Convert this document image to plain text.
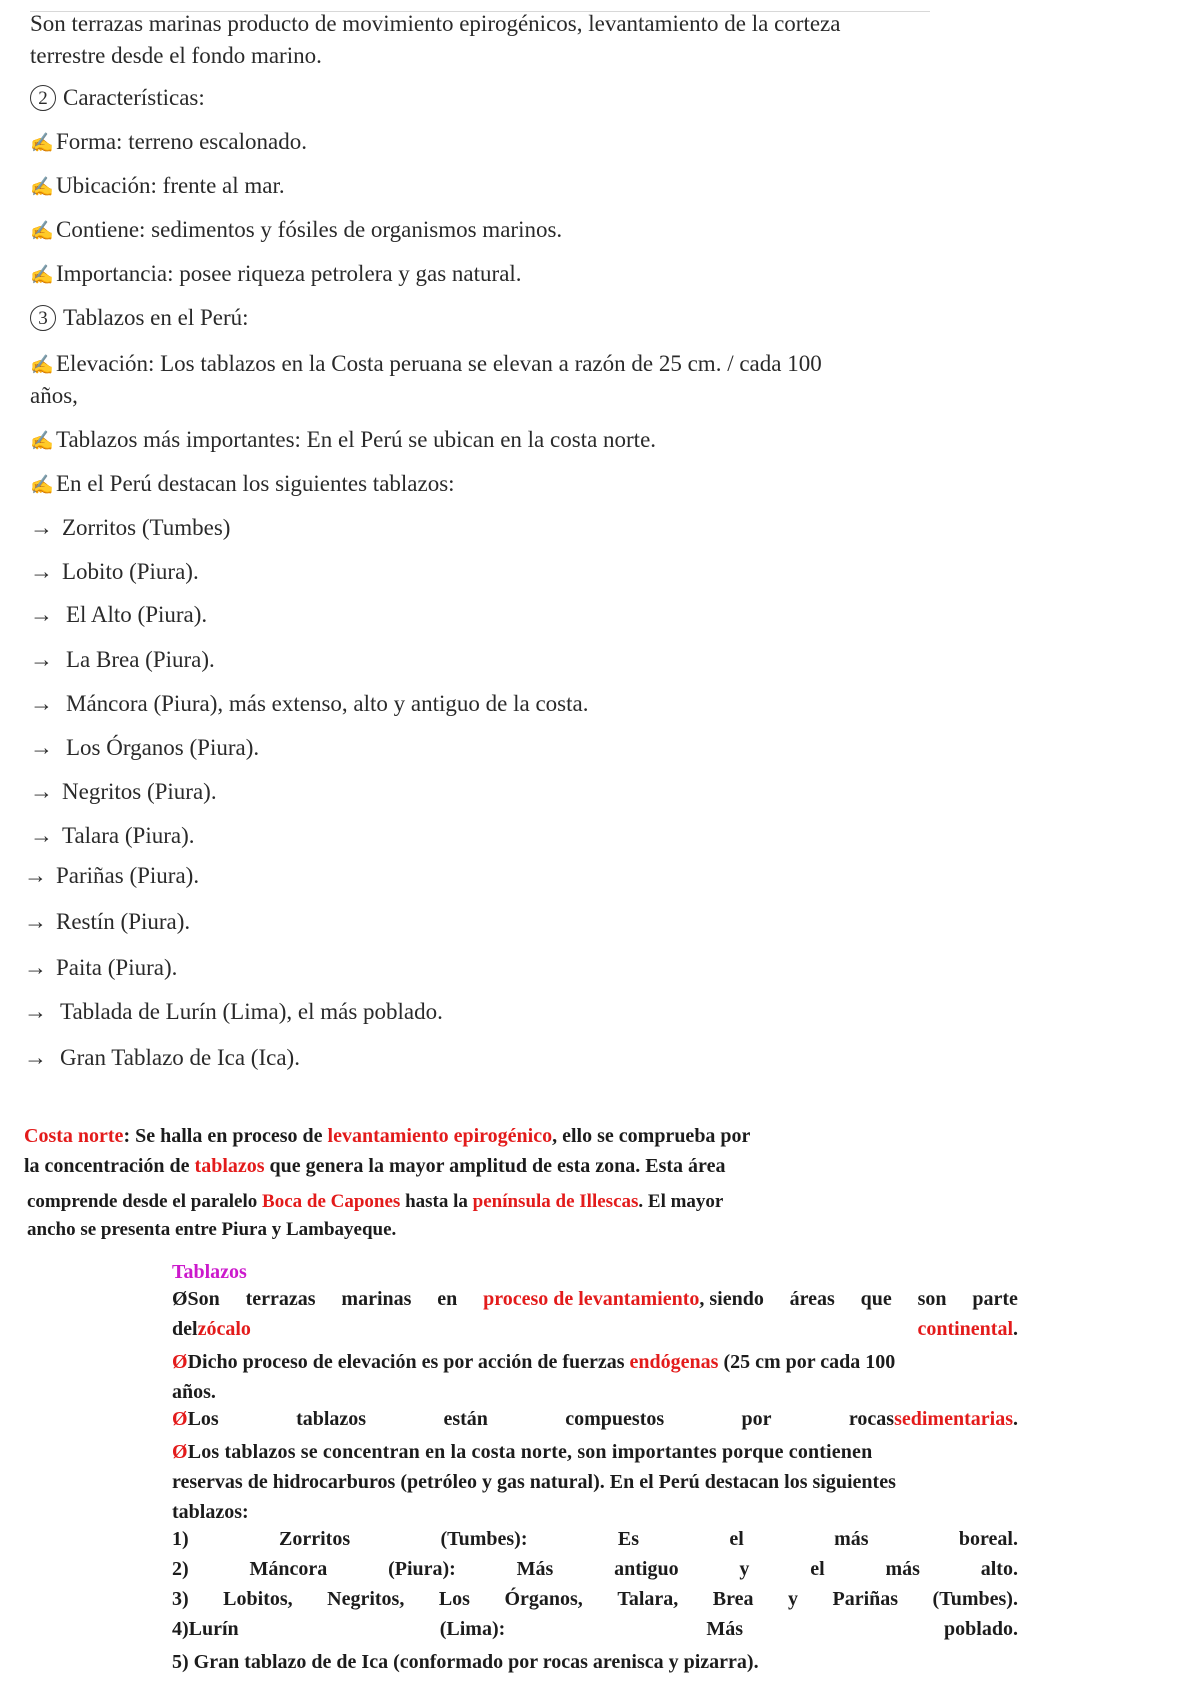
Son terrazas marinas producto de movimiento epirogénicos, levantamiento de la corteza
terrestre desde el fondo marino.
2 Características:
✍ Forma: terreno escalonado.
✍ Ubicación: frente al mar.
✍ Contiene: sedimentos y fósiles de organismos marinos.
✍ Importancia: posee riqueza petrolera y gas natural.
3 Tablazos en el Perú:
✍ Elevación: Los tablazos en la Costa peruana se elevan a razón de 25 cm. / cada 100
años,
✍ Tablazos más importantes: En el Perú se ubican en la costa norte.
✍ En el Perú destacan los siguientes tablazos:
→ Zorritos (Tumbes)
→ Lobito (Piura).
→ El Alto (Piura).
→ La Brea (Piura).
→ Máncora (Piura), más extenso, alto y antiguo de la costa.
→ Los Órganos (Piura).
→ Negritos (Piura).
→ Talara (Piura).
→ Pariñas (Piura).
→ Restín (Piura).
→ Paita (Piura).
→ Tablada de Lurín (Lima), el más poblado.
→ Gran Tablazo de Ica (Ica).
Costa norte: Se halla en proceso de levantamiento epirogénico, ello se comprueba por
la concentración de tablazos que genera la mayor amplitud de esta zona. Esta área
comprende desde el paralelo Boca de Capones hasta la península de Illescas. El mayor
ancho se presenta entre Piura y Lambayeque.
Tablazos
ØSon terrazas marinas en proceso de levantamiento, siendo áreas que son parte
delzócalo	continental.
ØDicho proceso de elevación es por acción de fuerzas endógenas (25 cm por cada 100
años.
ØLos	tablazos	están	compuestos	por	rocassedimentarias.
ØLos tablazos se concentran en la costa norte, son importantes porque contienen
reservas de hidrocarburos (petróleo y gas natural). En el Perú destacan los siguientes
tablazos:
1)	Zorritos	(Tumbes):	Es	el	más	boreal.
2)	Máncora	(Piura):	Más	antiguo	y	el	más	alto.
3) Lobitos, Negritos, Los Órganos, Talara, Brea y Pariñas (Tumbes).
4)Lurín	(Lima):	Más	poblado.
5) Gran tablazo de de Ica (conformado por rocas arenisca y pizarra).
